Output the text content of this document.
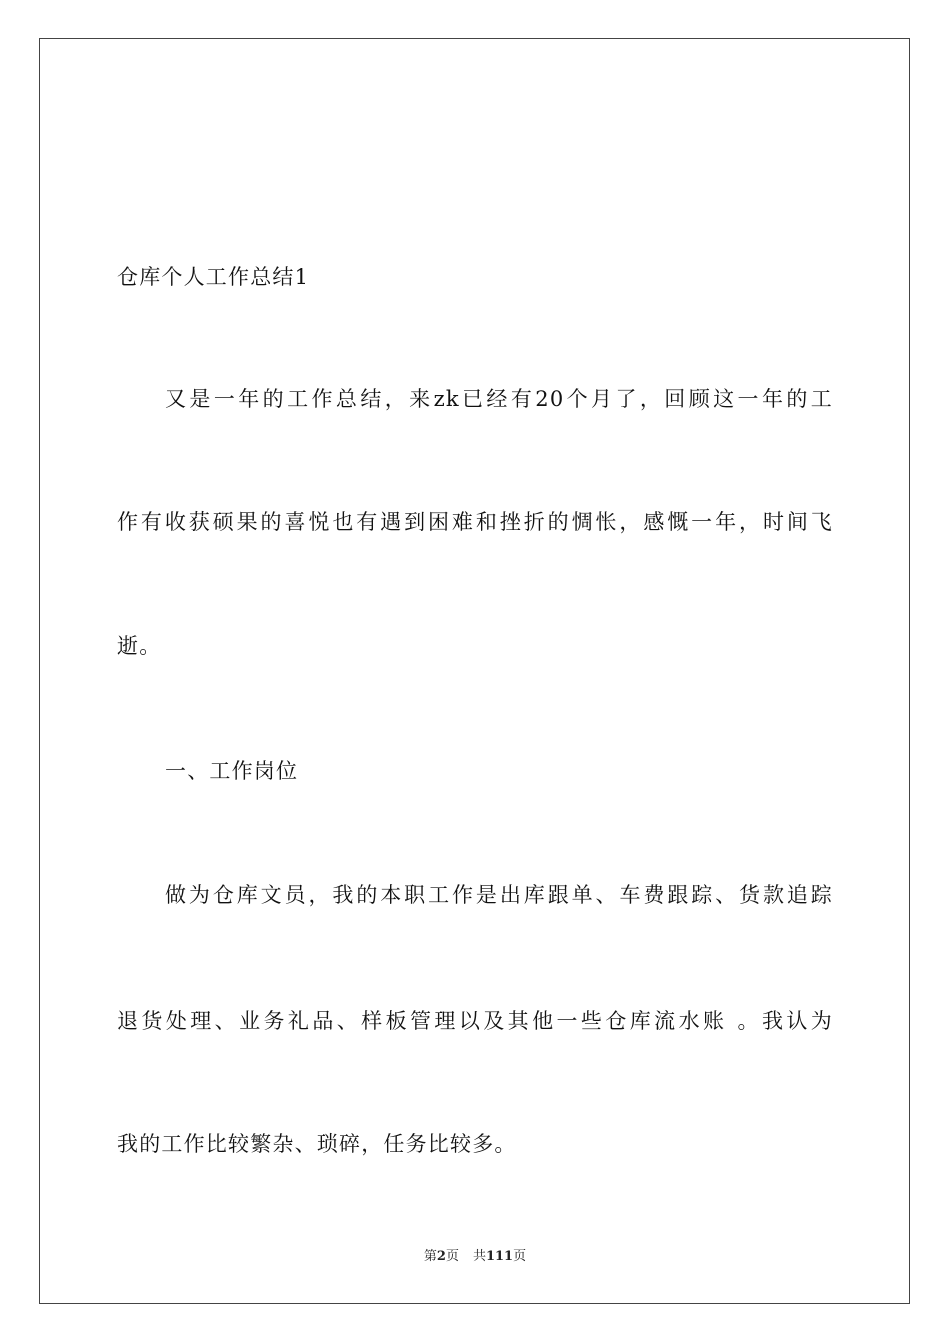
仓库个人工作总结1
又是一年的工作总结，来zk已经有20个月了，回顾这一年的工
作有收获硕果的喜悦也有遇到困难和挫折的惆怅，感慨一年，时间飞
逝。
一、工作岗位
做为仓库文员，我的本职工作是出库跟单、车费跟踪、货款追踪
退货处理、业务礼品、样板管理以及其他一些仓库流水账 。我认为
我的工作比较繁杂、琐碎，任务比较多。
第2页 共111页
